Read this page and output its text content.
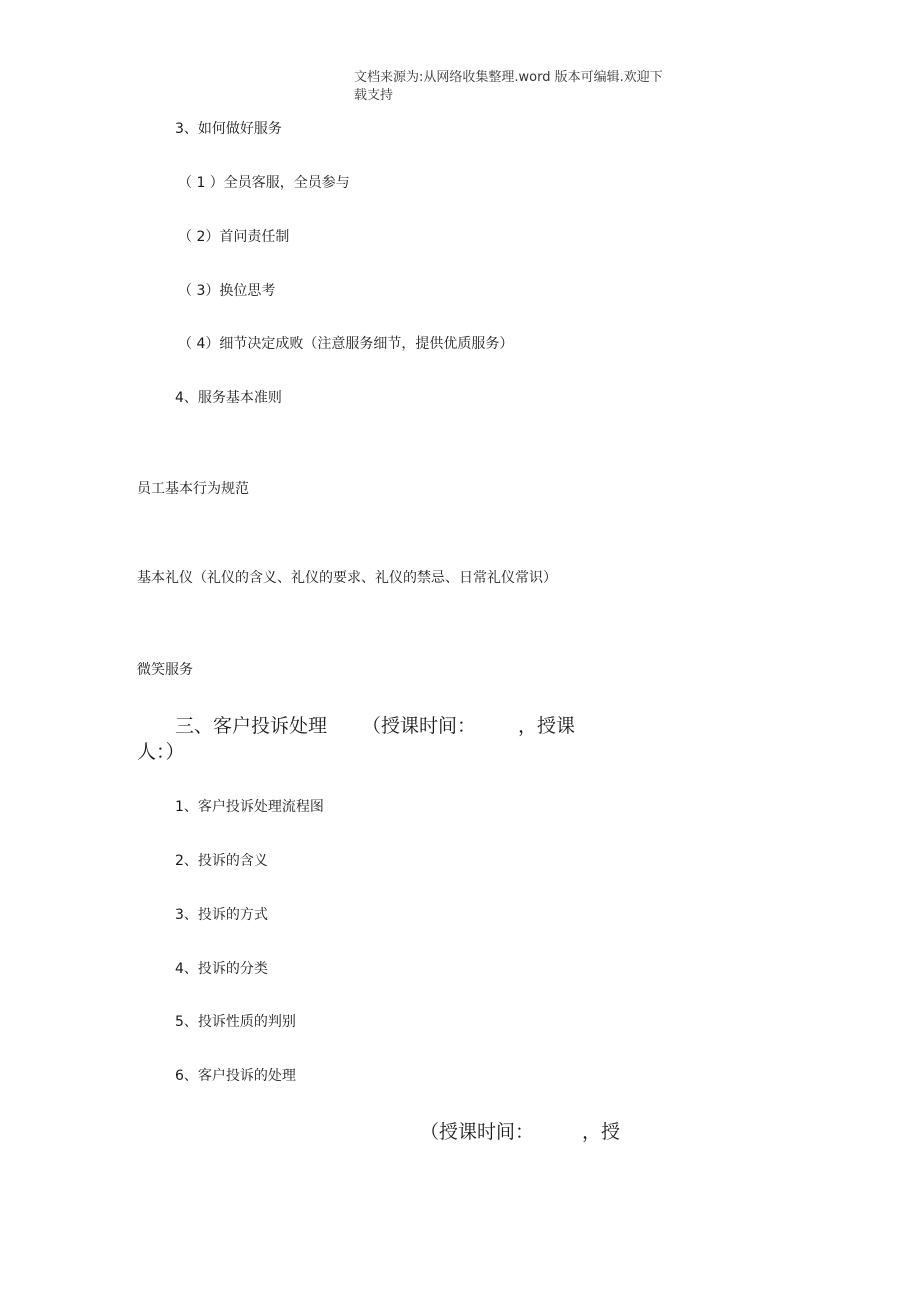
文档来源为:从网络收集整理.word 版本可编辑.欢迎下
载支持
3、如何做好服务
（ 1 ）全员客服，全员参与
（ 2）首问责任制
（ 3）换位思考
（ 4）细节决定成败（注意服务细节，提供优质服务）
4、服务基本准则
员工基本行为规范
基本礼仪（礼仪的含义、礼仪的要求、礼仪的禁忌、日常礼仪常识）
微笑服务
三、客户投诉处理 （授课时间： ，授课
人：）
1、客户投诉处理流程图
2、投诉的含义
3、投诉的方式
4、投诉的分类
5、投诉性质的判别
6、客户投诉的处理
（授课时间：	，授
